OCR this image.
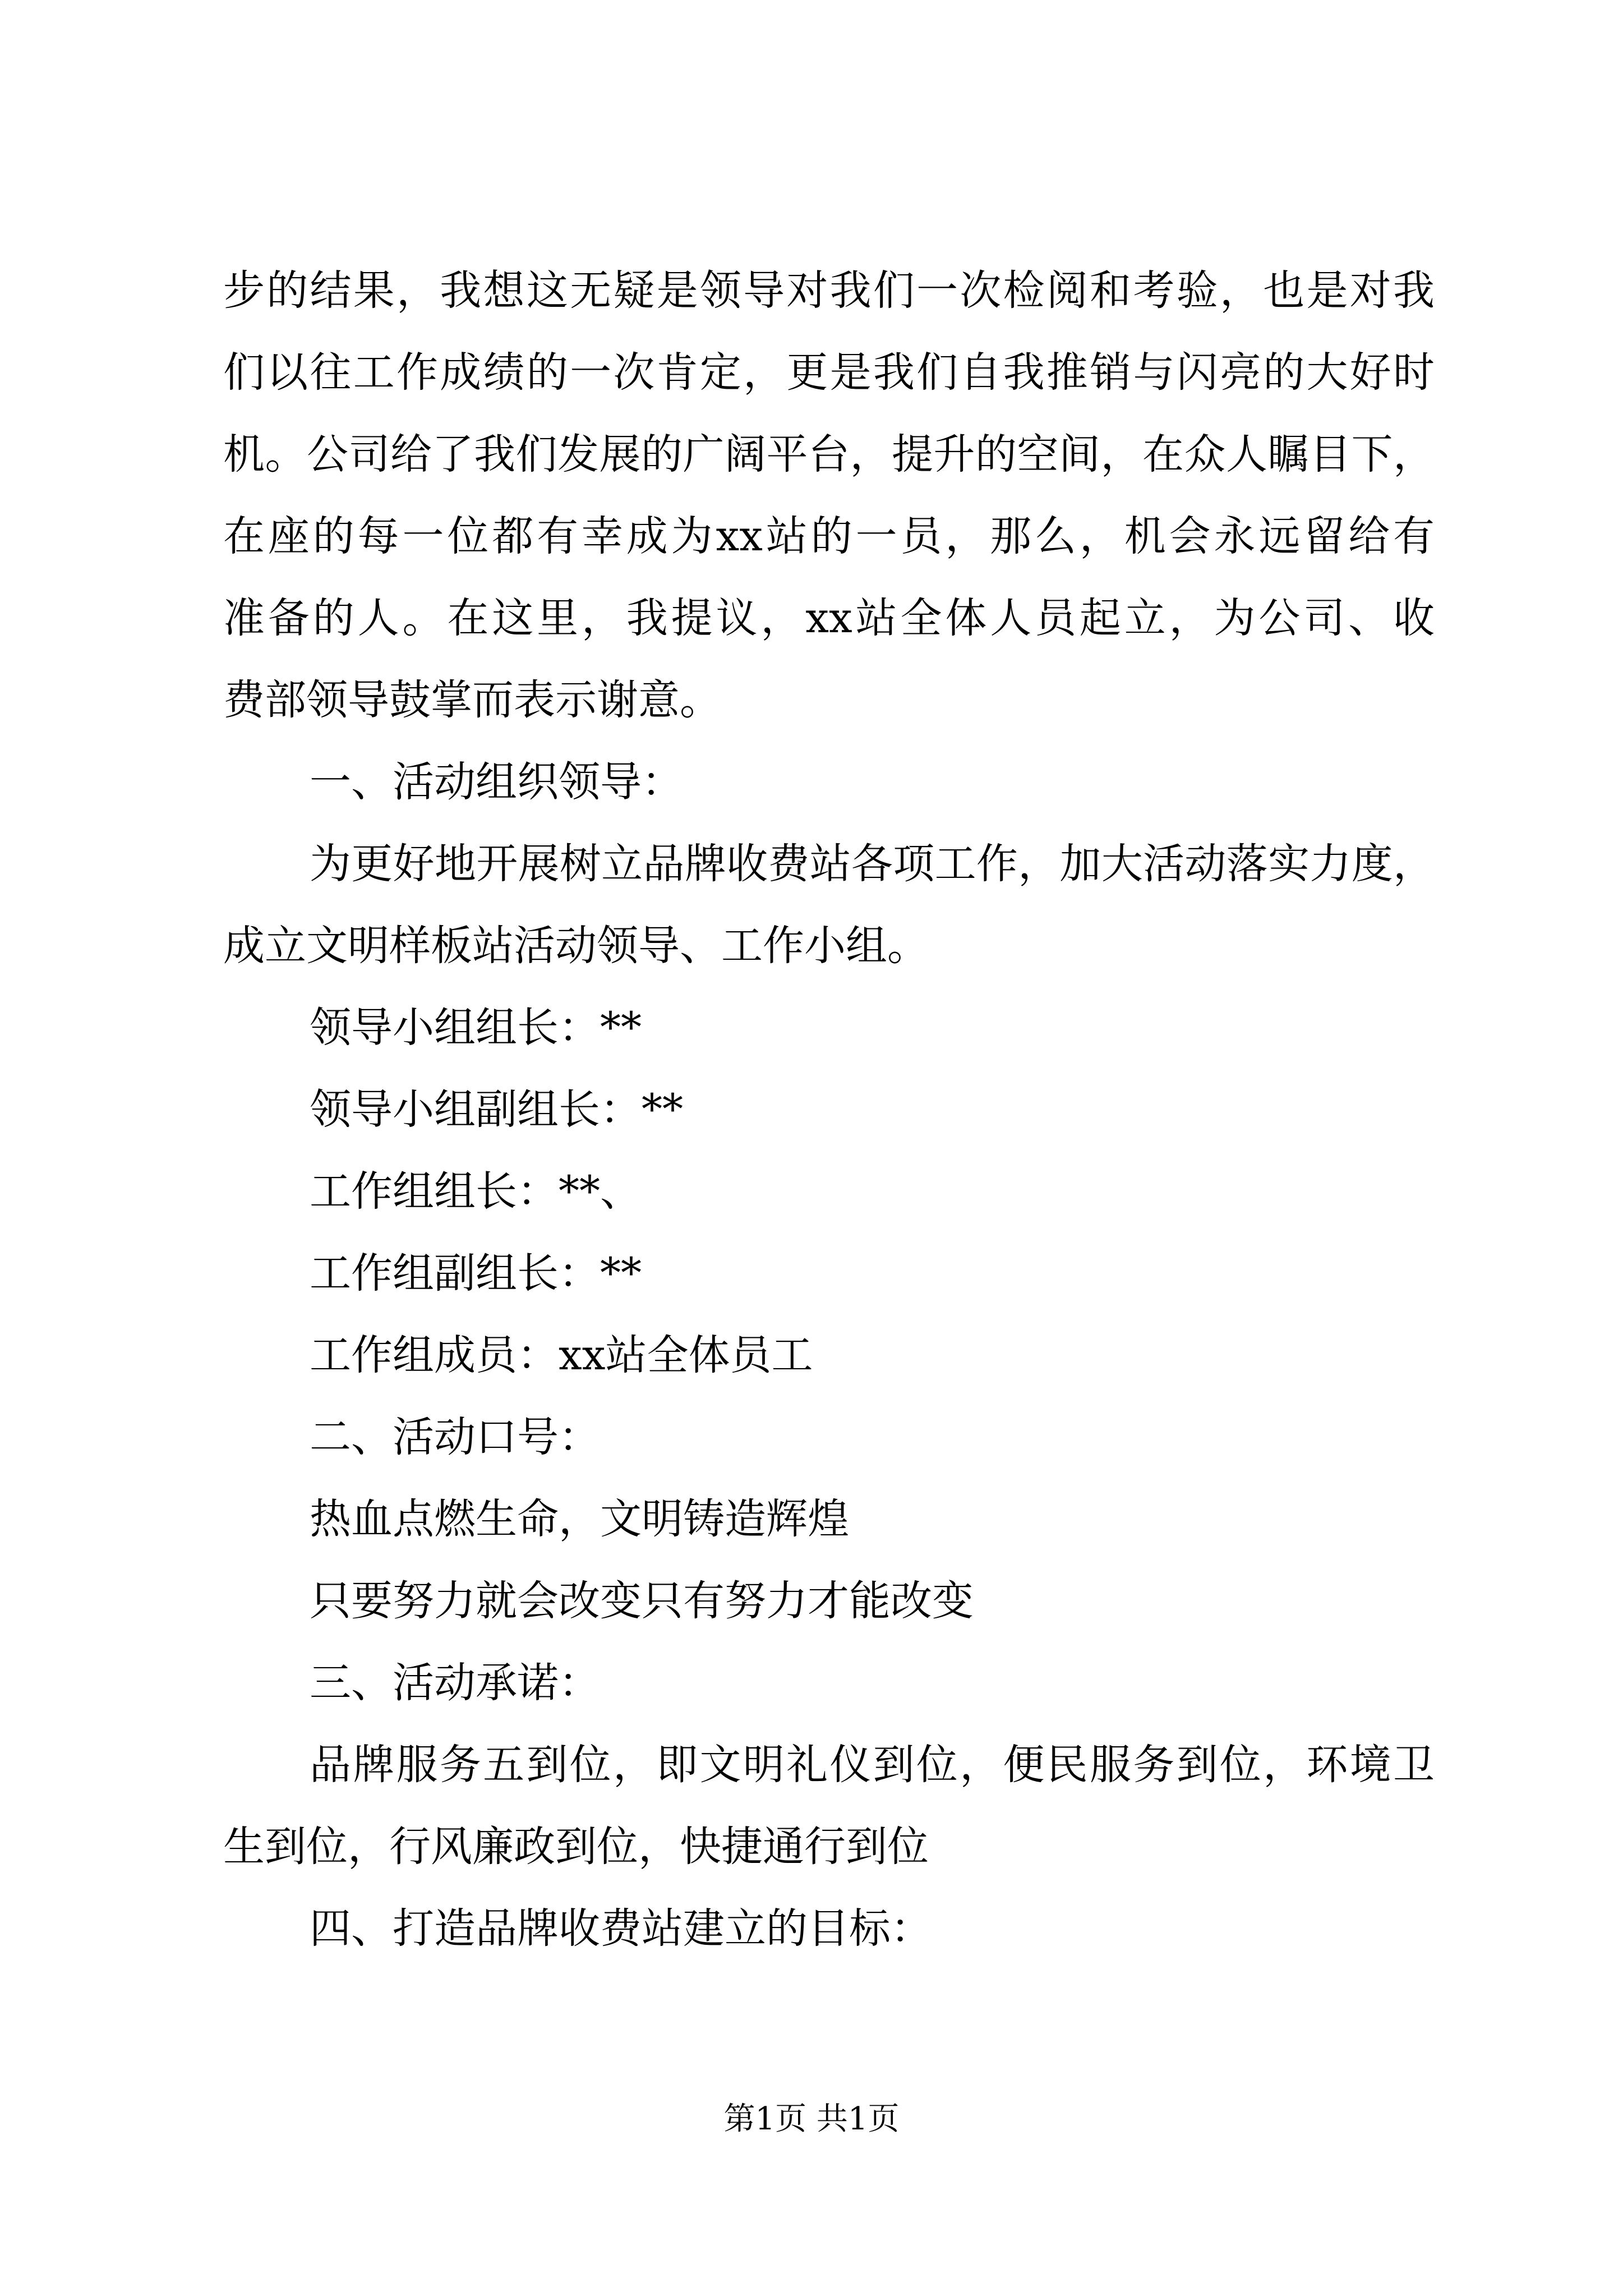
步的结果，我想这无疑是领导对我们一次检阅和考验，也是对我
们以往工作成绩的一次肯定，更是我们自我推销与闪亮的大好时
机。公司给了我们发展的广阔平台，提升的空间，在众人瞩目下，
在座的每一位都有幸成为xx站的一员，那么，机会永远留给有
准备的人。在这里，我提议，xx站全体人员起立，为公司、收
费部领导鼓掌而表示谢意。
一、活动组织领导：
为更好地开展树立品牌收费站各项工作，加大活动落实力度，
成立文明样板站活动领导、工作小组。
领导小组组长：**
领导小组副组长：**
工作组组长：**、
工作组副组长：**
工作组成员：xx站全体员工
二、活动口号：
热血点燃生命，文明铸造辉煌
只要努力就会改变只有努力才能改变
三、活动承诺：
品牌服务五到位，即文明礼仪到位，便民服务到位，环境卫
生到位，行风廉政到位，快捷通行到位
四、打造品牌收费站建立的目标：
第1页 共1页
